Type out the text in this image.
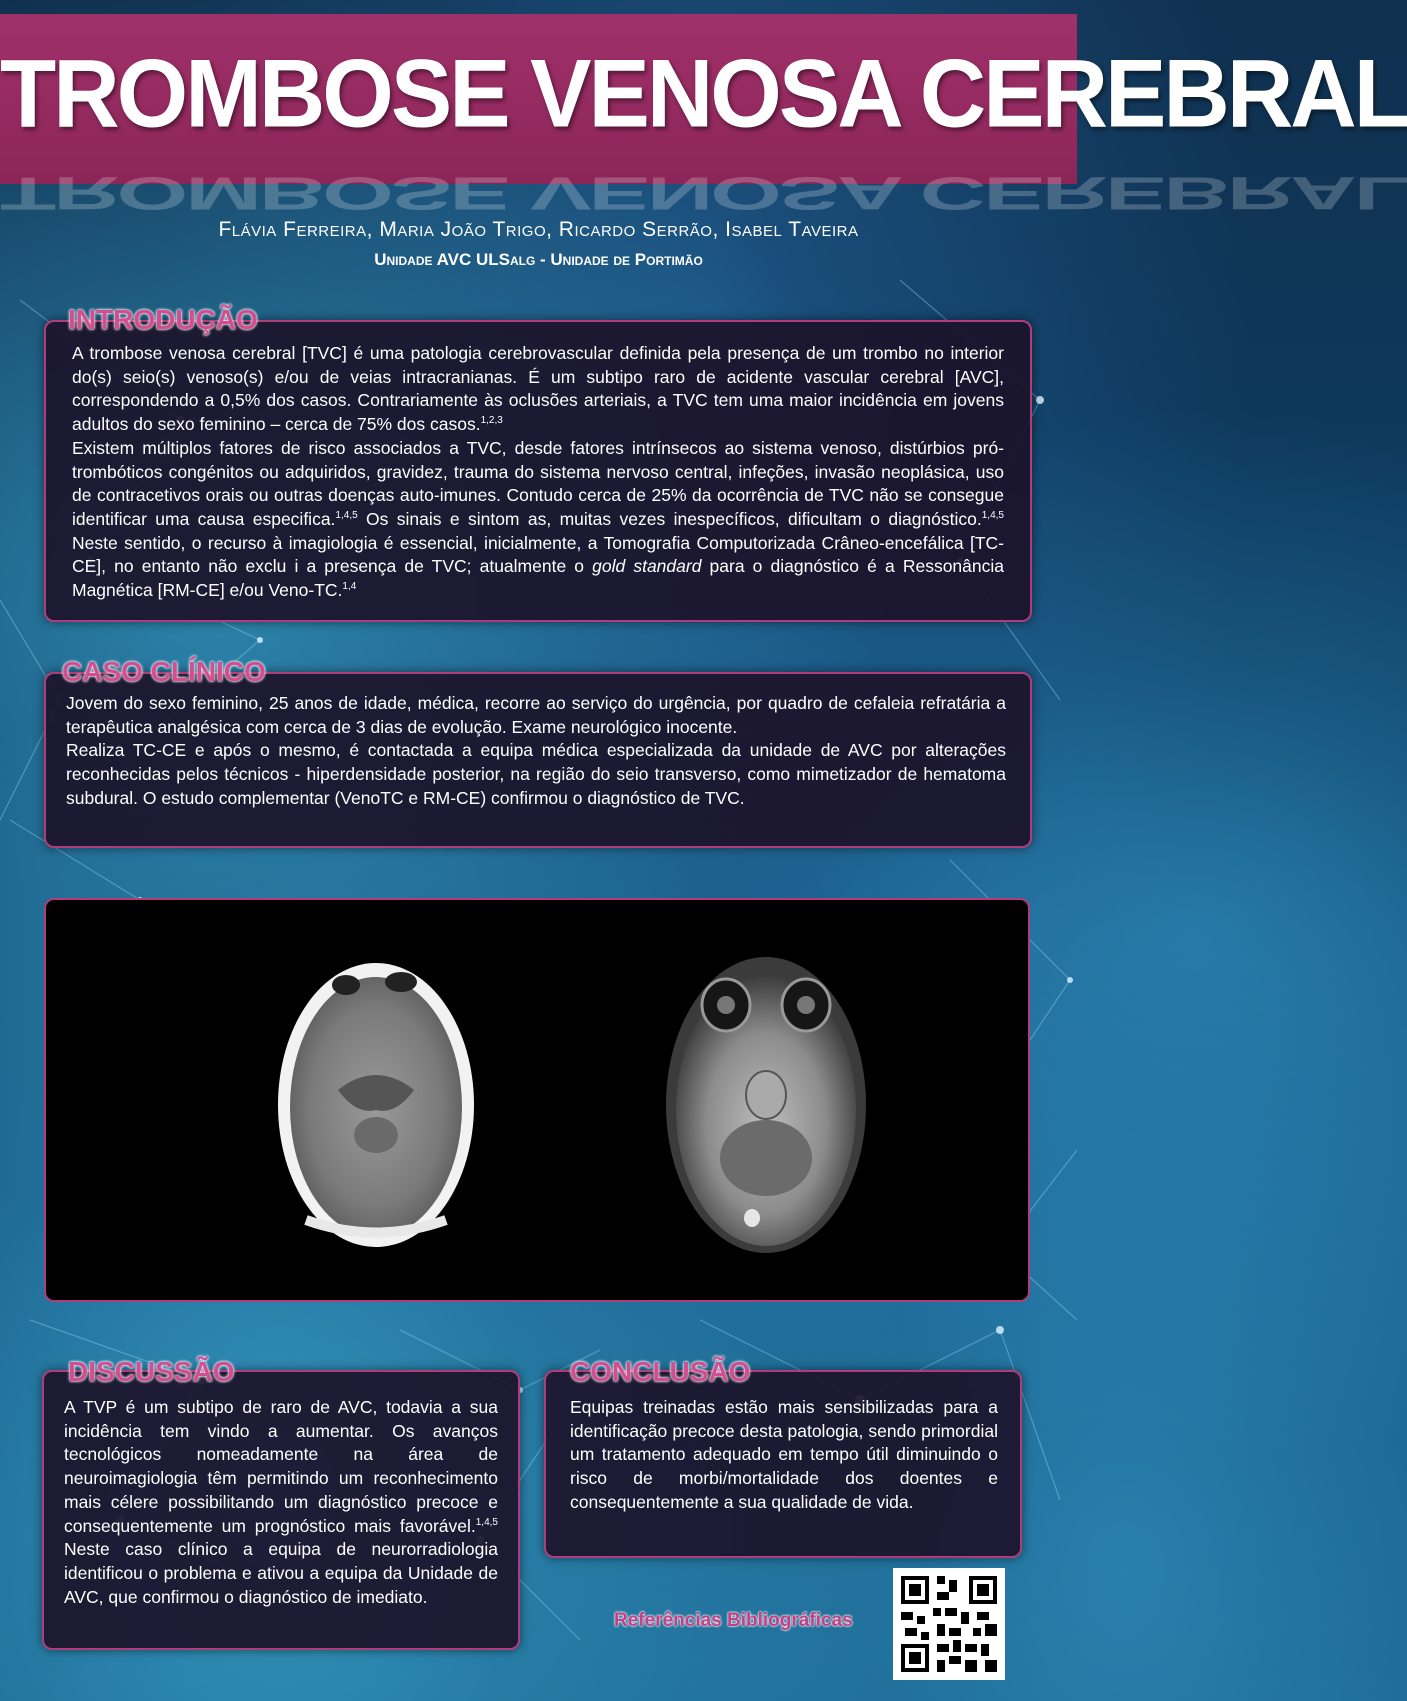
TROMBOSE VENOSA CEREBRAL
TROMBOSE VENOSA CEREBRAL
Flávia Ferreira, Maria João Trigo, Ricardo Serrão, Isabel Taveira
Unidade AVC ULSalg - Unidade de Portimão

A trombose venosa cerebral [TVC] é uma patologia cerebrovascular definida pela presença de um trombo no interior do(s) seio(s) venoso(s) e/ou de veias intracranianas. É um subtipo raro de acidente vascular cerebral [AVC], correspondendo a 0,5% dos casos. Contrariamente às oclusões arteriais, a TVC tem uma maior incidência em jovens adultos do sexo feminino – cerca de 75% dos casos.$^{1,2,3}$

Existem múltiplos fatores de risco associados a TVC, desde fatores intrínsecos ao sistema venoso, distúrbios pró-trombóticos congénitos ou adquiridos, gravidez, trauma do sistema nervoso central, infeções, invasão neoplásica, uso de contracetivos orais ou outras doenças auto-imunes. Contudo cerca de 25% da ocorrência de TVC não se consegue identificar uma causa especifica.$^{1,4,5}$ Os sinais e sintom as, muitas vezes inespecíficos, dificultam o diagnóstico.$^{1,4,5}$ Neste sentido, o recurso à imagiologia é essencial, inicialmente, a Tomografia Computorizada Crâneo-encefálica [TC-CE], no entanto não exclu i a presença de TVC; atualmente o gold standard para o diagnóstico é a Ressonância Magnética [RM-CE] e/ou Veno-TC.$^{1,4}$

INTRODUÇÃO

Jovem do sexo feminino, 25 anos de idade, médica, recorre ao serviço do urgência, por quadro de cefaleia refratária a terapêutica analgésica com cerca de 3 dias de evolução. Exame neurológico inocente.

Realiza TC-CE e após o mesmo, é contactada a equipa médica especializada da unidade de AVC por alterações reconhecidas pelos técnicos - hiperdensidade posterior, na região do seio transverso, como mimetizador de hematoma subdural. O estudo complementar (VenoTC e RM-CE) confirmou o diagnóstico de TVC.

CASO CLÍNICO

A TVP é um subtipo de raro de AVC, todavia a sua incidência tem vindo a aumentar. Os avanços tecnológicos nomeadamente na área de neuroimagiologia têm permitindo um reconhecimento mais célere possibilitando um diagnóstico precoce e consequentemente um prognóstico mais favorável.$^{1,4,5}$ Neste caso clínico a equipa de neurorradiologia identificou o problema e ativou a equipa da Unidade de AVC, que confirmou o diagnóstico de imediato.

DISCUSSÃO

Equipas treinadas estão mais sensibilizadas para a identificação precoce desta patologia, sendo primordial um tratamento adequado em tempo útil diminuindo o risco de morbi/mortalidade dos doentes e consequentemente a sua qualidade de vida.

CONCLUSÃO
Referências Bibliográficas
